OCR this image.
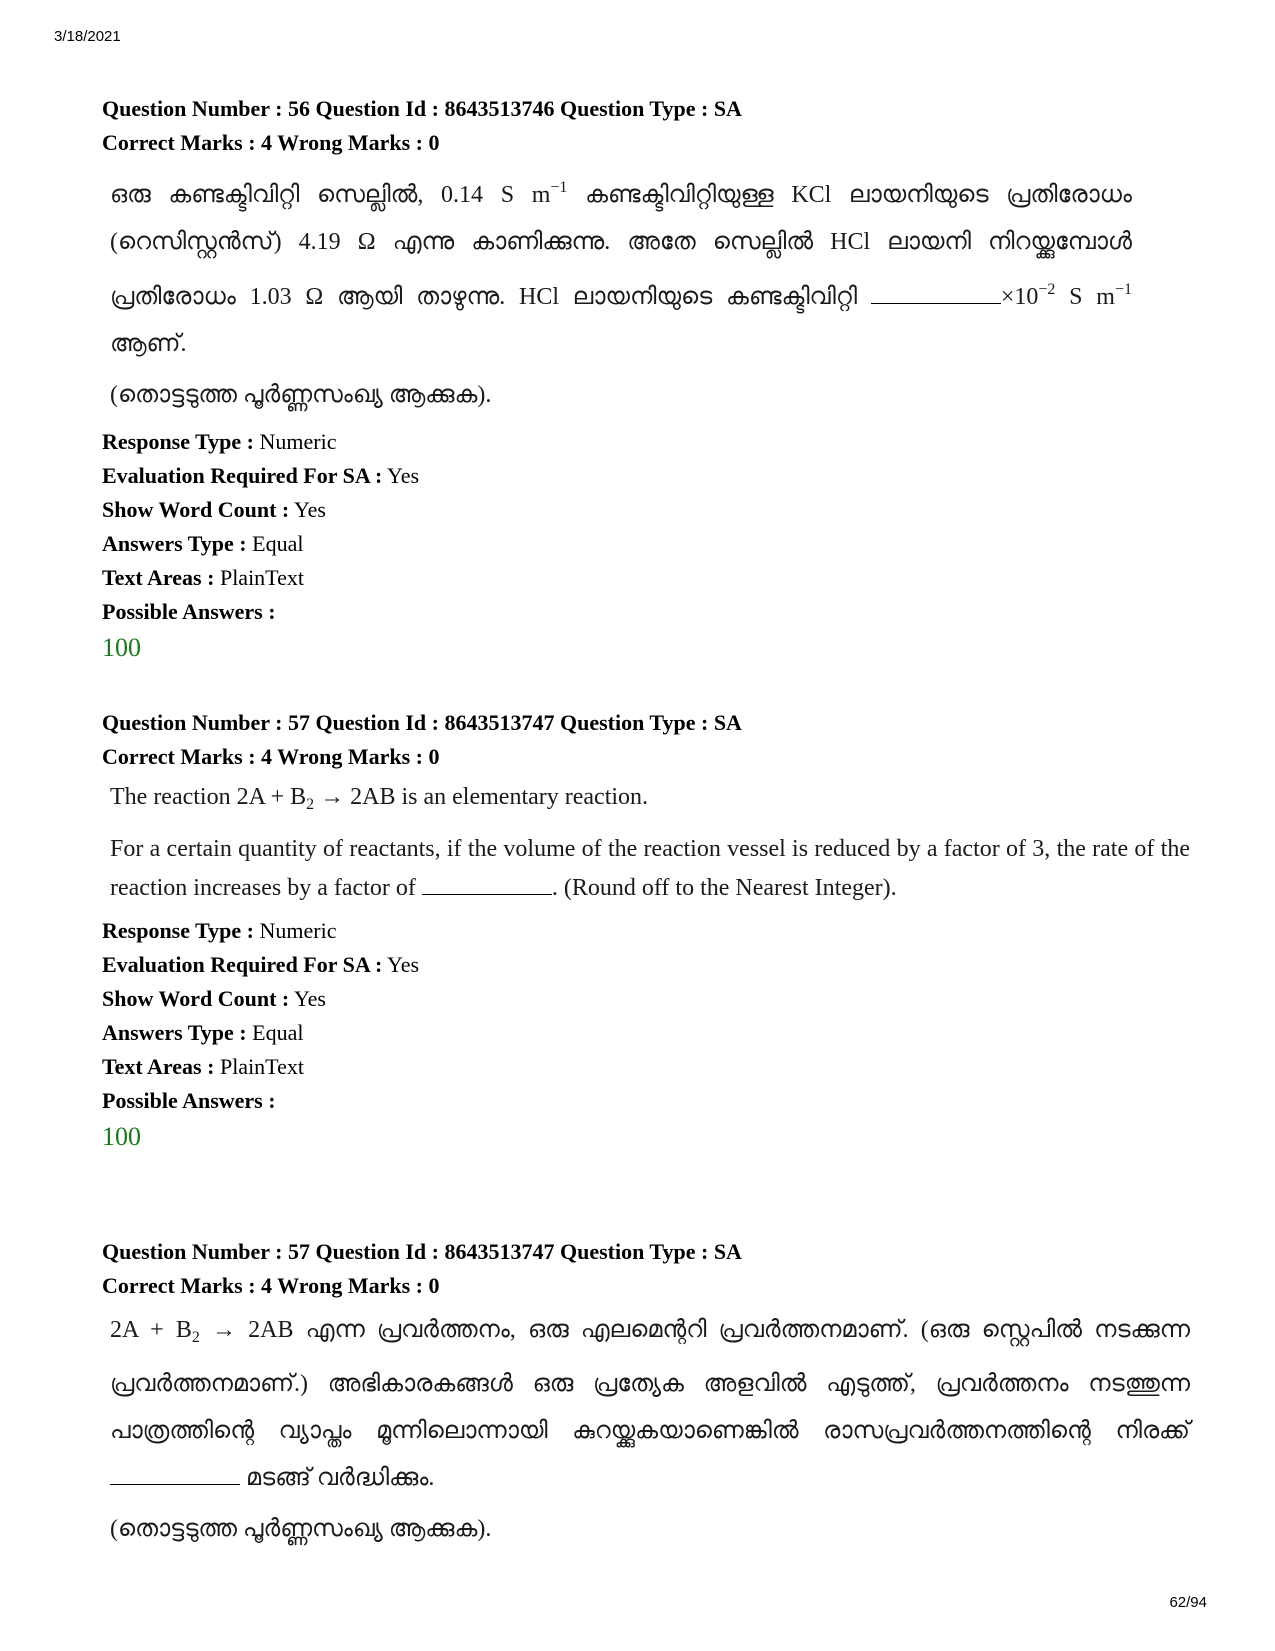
3/18/2021
Question Number : 56 Question Id : 8643513746 Question Type : SA
Correct Marks : 4 Wrong Marks : 0

ഒരു കണ്ടക്ടിവിറ്റി സെല്ലിൽ, 0.14 S $m^{-1}$ കണ്ടക്ടിവിറ്റിയുള്ള KCl ലായനിയുടെ പ്രതിരോധം (റെസിസ്റ്റൻസ്) 4.19 Ω എന്നു കാണിക്കുന്നു. അതേ സെല്ലിൽ HCl ലായനി നിറയ്ക്കുമ്പോൾ പ്രതിരോധം 1.03 Ω ആയി താഴുന്നു. HCl ലായനിയുടെ കണ്ടക്ടിവിറ്റി	$\times 10^{-2}$ S $m^{-1}$ ആണ്.

(തൊട്ടടുത്ത പൂർണ്ണസംഖ്യ ആക്കുക).

Response Type : Numeric
Evaluation Required For SA : Yes
Show Word Count : Yes
Answers Type : Equal
Text Areas : PlainText
Possible Answers :
100
Question Number : 57 Question Id : 8643513747 Question Type : SA
Correct Marks : 4 Wrong Marks : 0

The reaction $2A + B_2 \to 2AB$ is an elementary reaction.

For a certain quantity of reactants, if the volume of the reaction vessel is reduced by a factor of 3, the rate of the reaction increases by a factor of	. (Round off to the Nearest Integer).

Response Type : Numeric
Evaluation Required For SA : Yes
Show Word Count : Yes
Answers Type : Equal
Text Areas : PlainText
Possible Answers :
100
Question Number : 57 Question Id : 8643513747 Question Type : SA
Correct Marks : 4 Wrong Marks : 0

$2A + B_2 \to 2AB$ എന്ന പ്രവർത്തനം, ഒരു എലമെന്ററി പ്രവർത്തനമാണ്. (ഒരു സ്റ്റെപിൽ നടക്കുന്ന പ്രവർത്തനമാണ്.) അഭികാരകങ്ങൾ ഒരു പ്രത്യേക അളവിൽ എടുത്ത്, പ്രവർത്തനം നടത്തുന്ന പാത്രത്തിന്റെ വ്യാപ്തം മൂന്നിലൊന്നായി കുറയ്ക്കുകയാണെങ്കിൽ രാസപ്രവർത്തനത്തിന്റെ നിരക്ക്  മടങ്ങ് വർദ്ധിക്കും.

(തൊട്ടടുത്ത പൂർണ്ണസംഖ്യ ആക്കുക).

62/94
